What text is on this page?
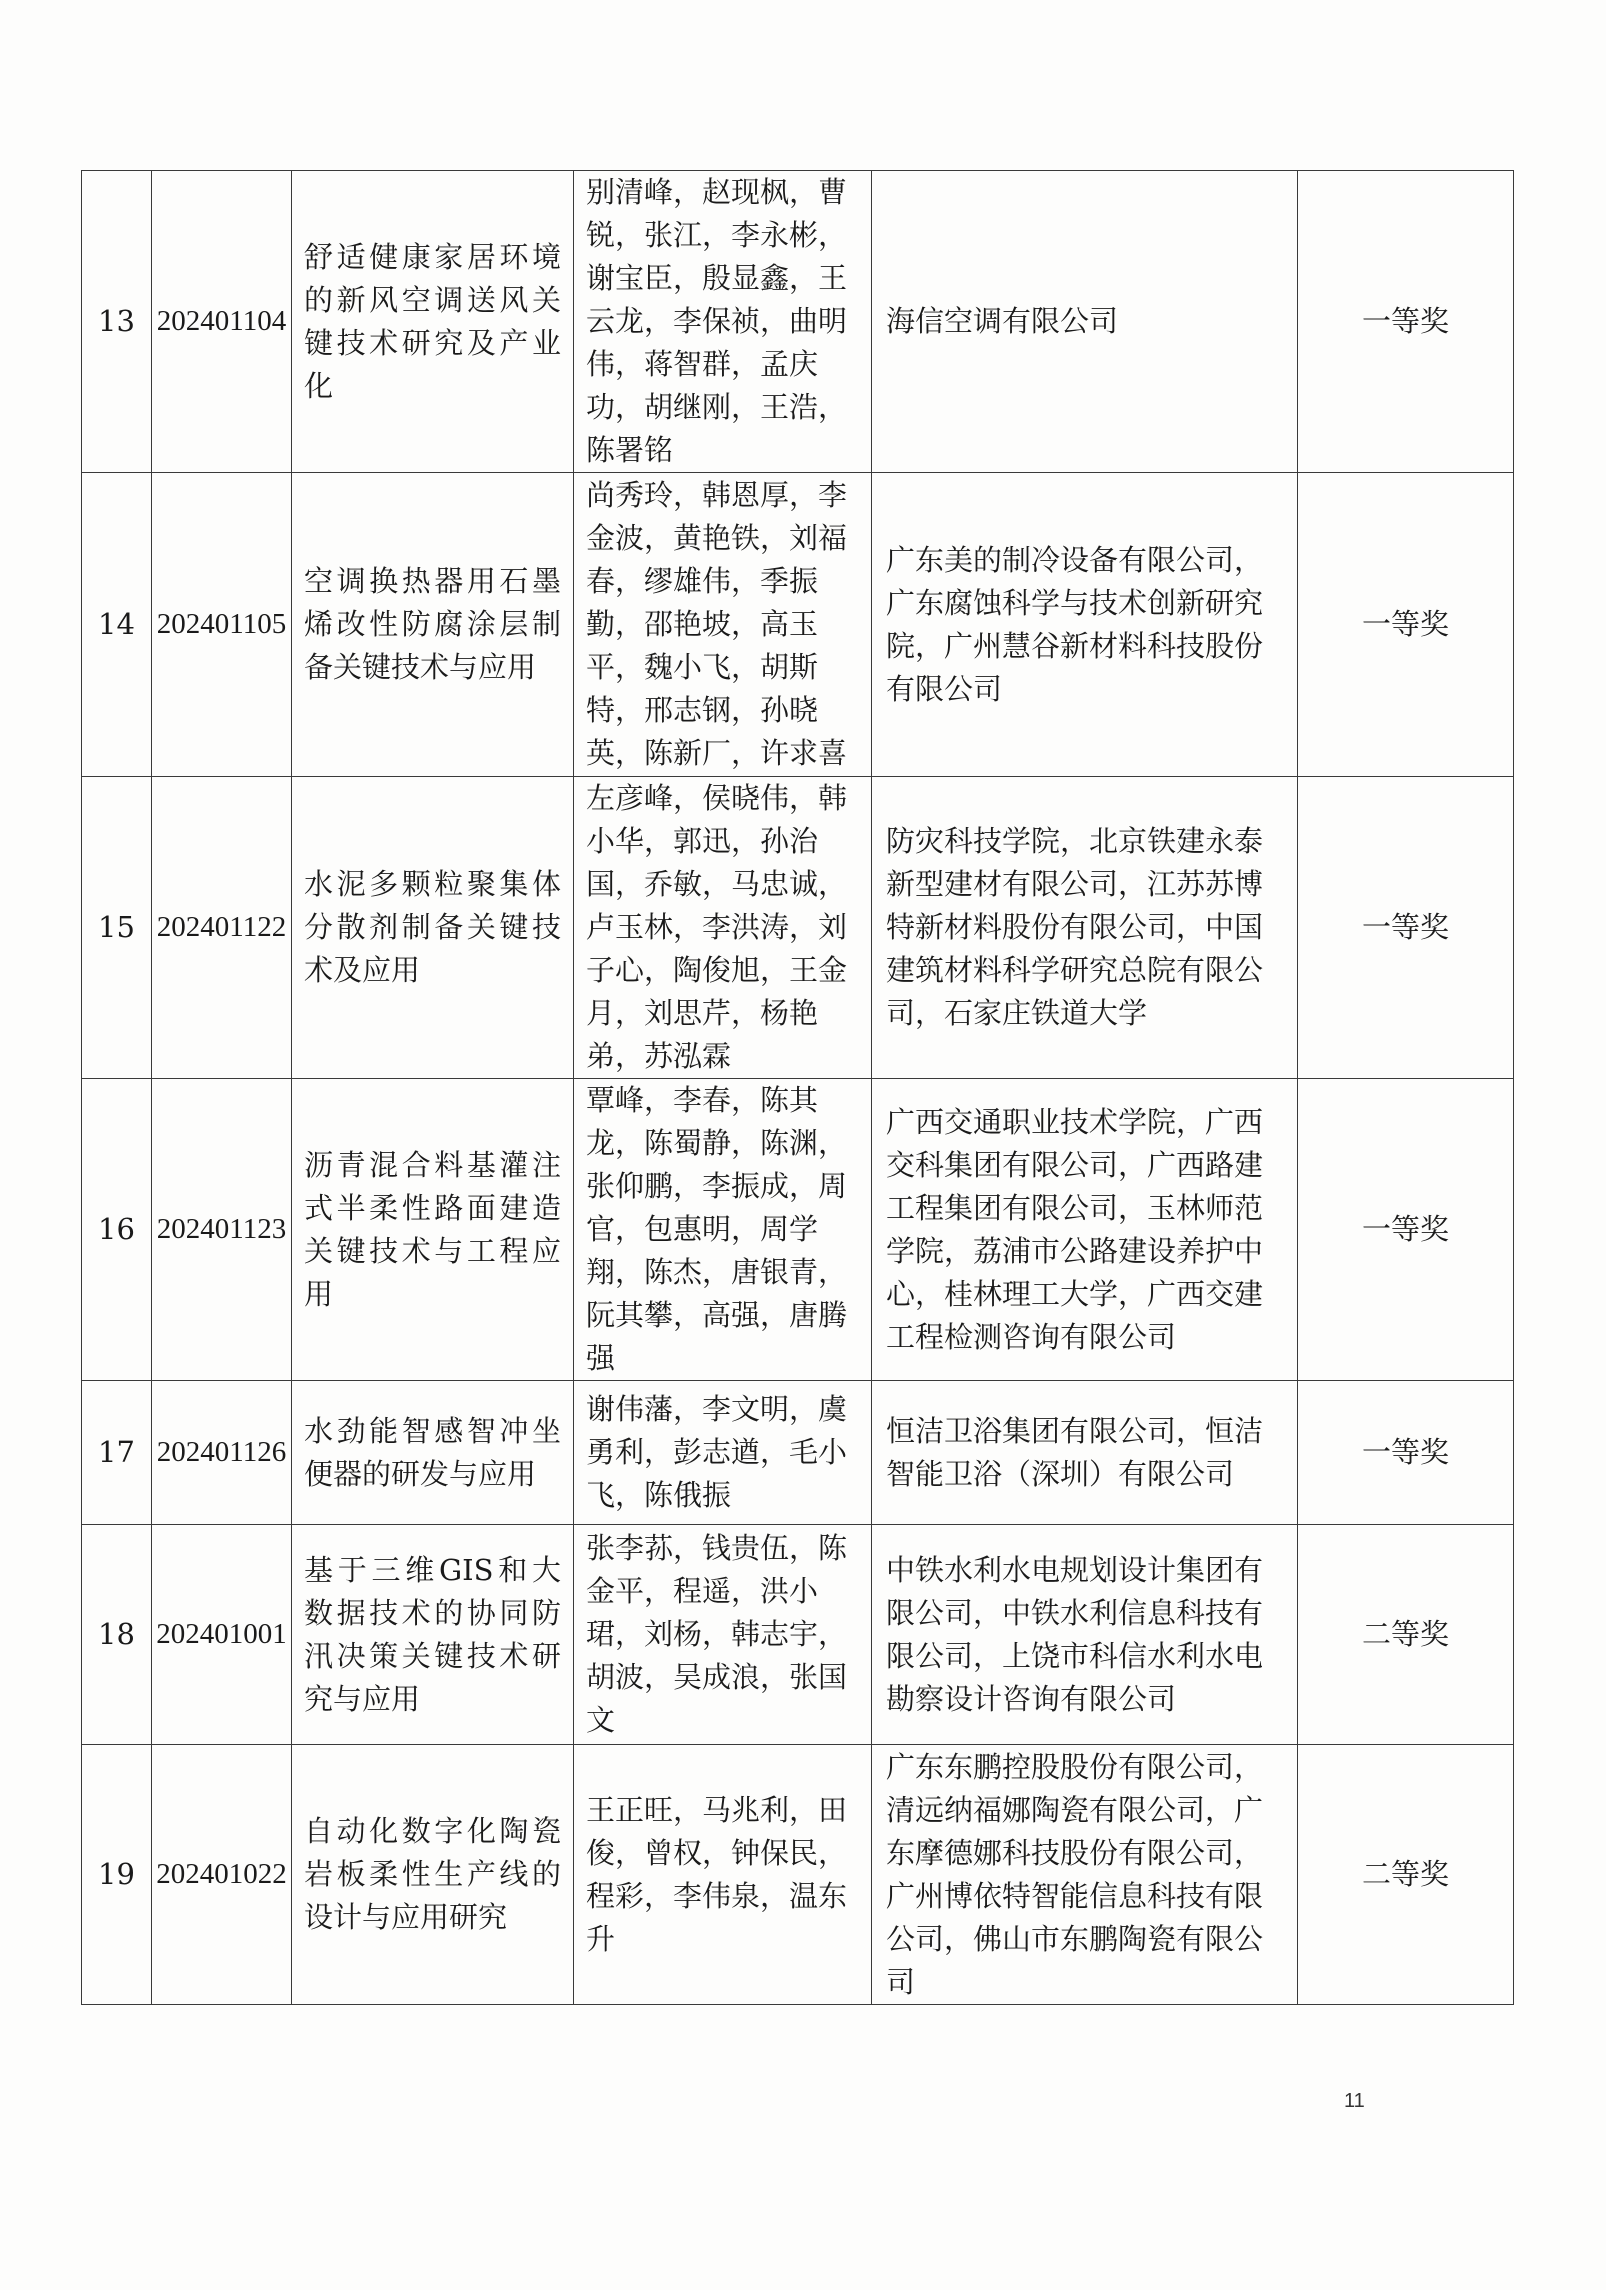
13	202401104	舒适健康家居环境的新风空调送风关键技术研究及产业化	别清峰，赵现枫，曹锐，张江，李永彬，谢宝臣，殷显鑫，王云龙，李保祯，曲明伟，蒋智群，孟庆功，胡继刚，王浩，陈署铭	海信空调有限公司	一等奖
14	202401105	空调换热器用石墨烯改性防腐涂层制备关键技术与应用	尚秀玲，韩恩厚，李金波，黄艳铁，刘福春，缪雄伟，季振勤，邵艳坡，高玉平，魏小飞，胡斯特，邢志钢，孙晓英，陈新厂，许求喜	广东美的制冷设备有限公司，广东腐蚀科学与技术创新研究院，广州慧谷新材料科技股份有限公司	一等奖
15	202401122	水泥多颗粒聚集体分散剂制备关键技术及应用	左彦峰，侯晓伟，韩小华，郭迅，孙治国，乔敏，马忠诚，卢玉林，李洪涛，刘子心，陶俊旭，王金月，刘思芹，杨艳弟，苏泓霖	防灾科技学院，北京铁建永泰新型建材有限公司，江苏苏博特新材料股份有限公司，中国建筑材料科学研究总院有限公司，石家庄铁道大学	一等奖
16	202401123	沥青混合料基灌注式半柔性路面建造关键技术与工程应用	覃峰，李春，陈其龙，陈蜀静，陈渊，张仰鹏，李振成，周官，包惠明，周学翔，陈杰，唐银青，阮其攀，高强，唐腾强	广西交通职业技术学院，广西交科集团有限公司，广西路建工程集团有限公司，玉林师范学院，荔浦市公路建设养护中心，桂林理工大学，广西交建工程检测咨询有限公司	一等奖
17	202401126	水劲能智感智冲坐便器的研发与应用	谢伟藩，李文明，虞勇利，彭志遒，毛小飞，陈俄振	恒洁卫浴集团有限公司，恒洁智能卫浴（深圳）有限公司	一等奖
18	202401001	基于三维GIS和大数据技术的协同防汛决策关键技术研究与应用	张李荪，钱贵伍，陈金平，程遥，洪小珺，刘杨，韩志宇，胡波，吴成浪，张国文	中铁水利水电规划设计集团有限公司，中铁水利信息科技有限公司，上饶市科信水利水电勘察设计咨询有限公司	二等奖
19	202401022	自动化数字化陶瓷岩板柔性生产线的设计与应用研究	王正旺，马兆利，田俊，曾权，钟保民，程彩，李伟泉，温东升	广东东鹏控股股份有限公司，清远纳福娜陶瓷有限公司，广东摩德娜科技股份有限公司，广州博依特智能信息科技有限公司，佛山市东鹏陶瓷有限公司	二等奖
11
